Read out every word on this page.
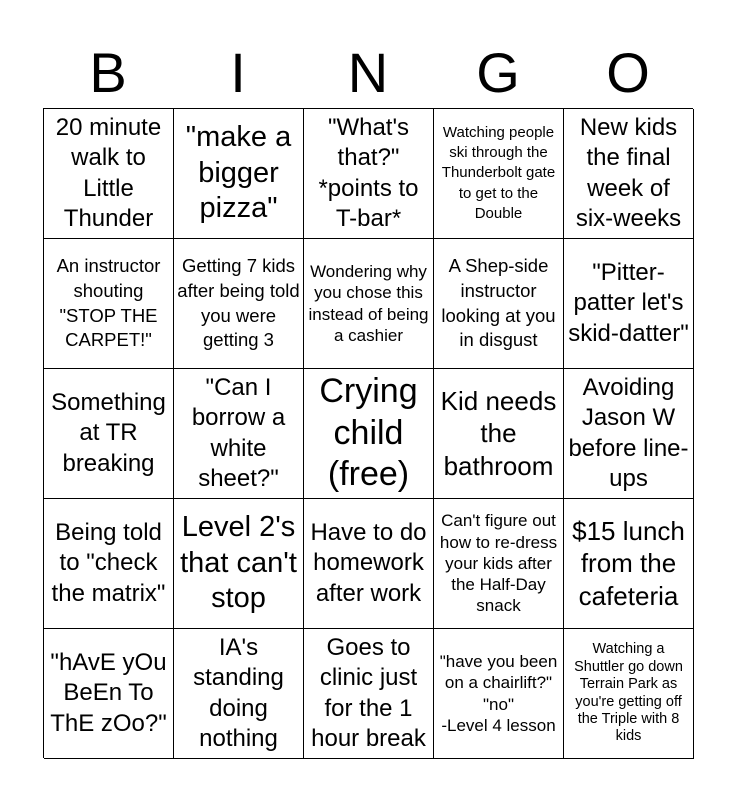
B	I	N	G	O
20 minute walk to Little Thunder
"make a bigger pizza"
"What's that?" *points to T-bar*
Watching people ski through the Thunderbolt gate to get to the Double
New kids the final week of six-weeks
An instructor shouting "STOP THE CARPET!"
Getting 7 kids after being told you were getting 3
Wondering why you chose this instead of being a cashier
A Shep-side instructor looking at you in disgust
"Pitter-patter let's skid-datter"
Something at TR breaking
"Can I borrow a white sheet?"
Crying child (free)
Kid needs the bathroom
Avoiding Jason W before line-ups
Being told to "check the matrix"
Level 2's that can't stop
Have to do homework after work
Can't figure out how to re-dress your kids after the Half-Day snack
$15 lunch from the cafeteria
"hAvE yOu BeEn To ThE zOo?"
IA's standing doing nothing
Goes to clinic just for the 1 hour break
"have you been on a chairlift?"
"no"
-Level 4 lesson
Watching a Shuttler go down Terrain Park as you're getting off the Triple with 8 kids
